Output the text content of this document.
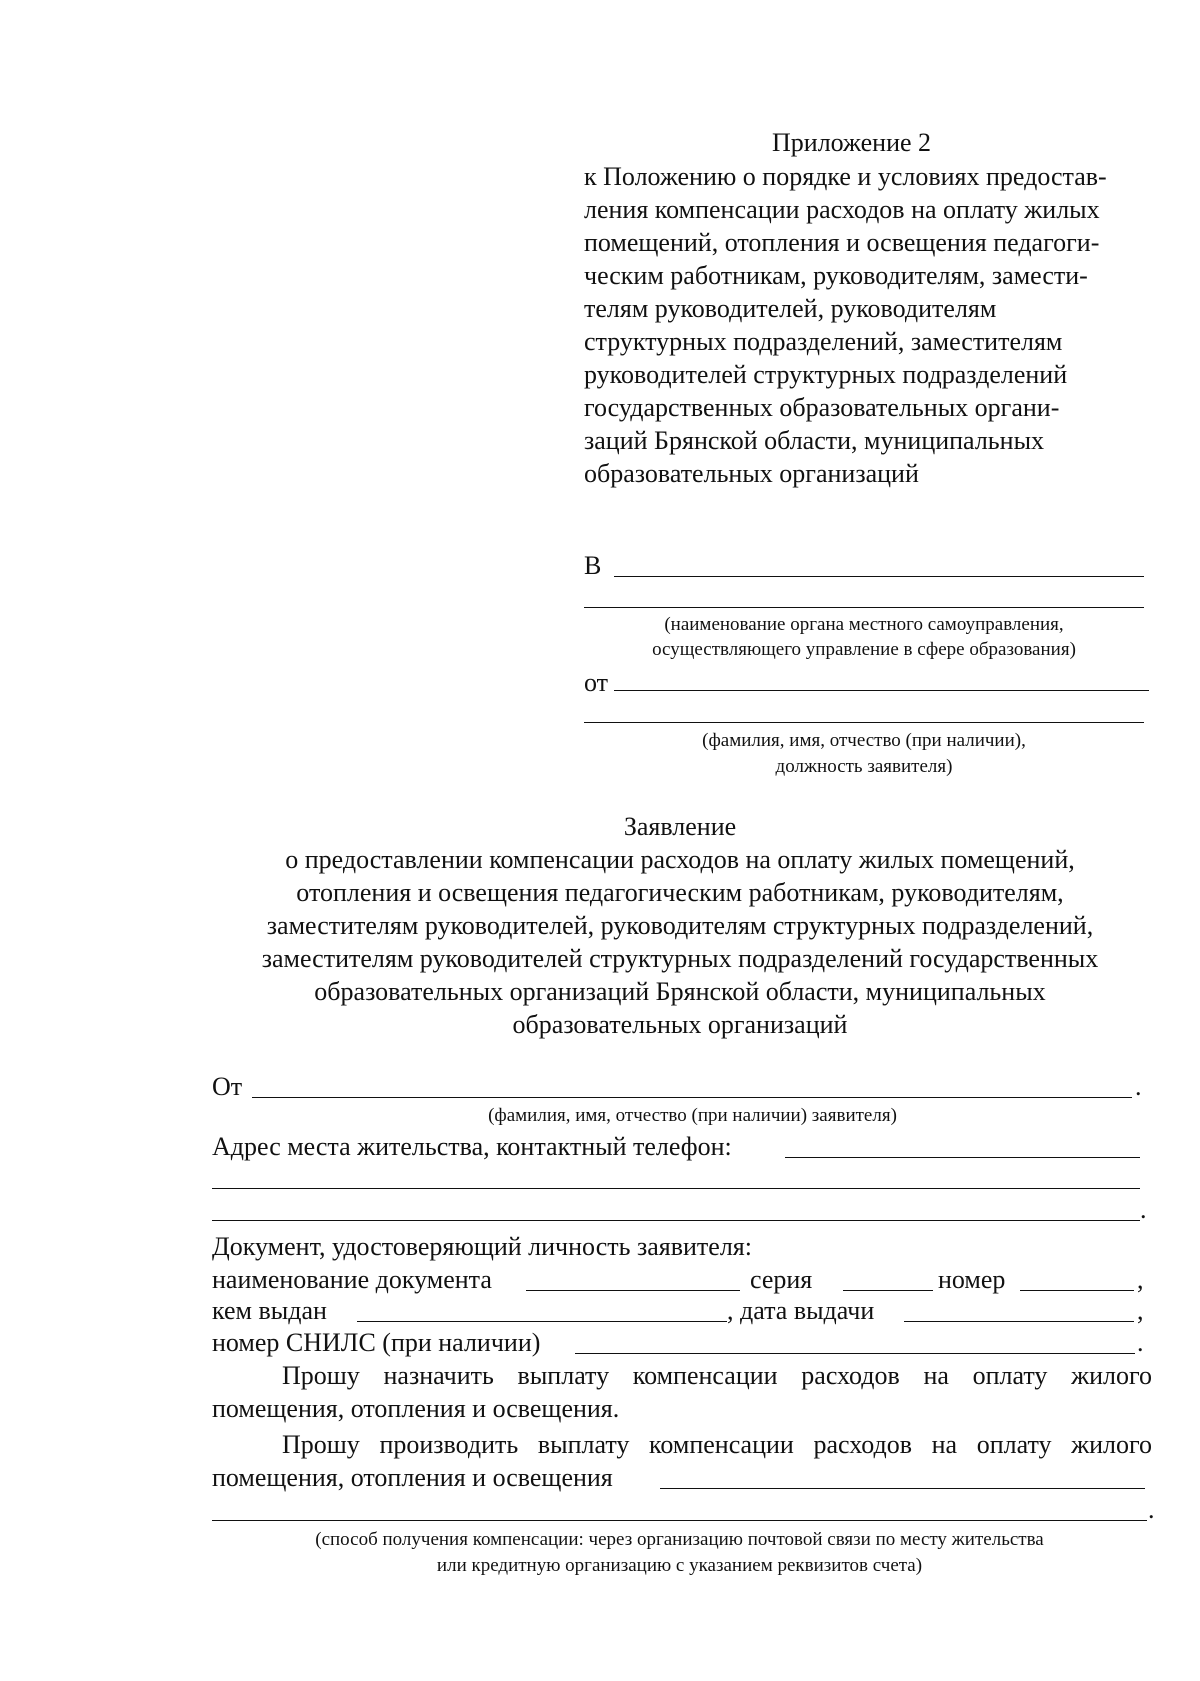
Приложение 2
к Положению о порядке и условиях предостав-
ления компенсации расходов на оплату жилых
помещений, отопления и освещения педагоги-
ческим работникам, руководителям, замести-
телям руководителей, руководителям
структурных подразделений, заместителям
руководителей структурных подразделений
государственных образовательных органи-
заций Брянской области, муниципальных
образовательных организаций
В
(наименование органа местного самоуправления,
осуществляющего управление в сфере образования)
от
(фамилия, имя, отчество (при наличии),
должность заявителя)
Заявление
о предоставлении компенсации расходов на оплату жилых помещений,
отопления и освещения педагогическим работникам, руководителям,
заместителям руководителей, руководителям структурных подразделений,
заместителям руководителей структурных подразделений государственных
образовательных организаций Брянской области, муниципальных
образовательных организаций
От	.
(фамилия, имя, отчество (при наличии) заявителя)
Адрес места жительства, контактный телефон:
.
Документ, удостоверяющий личность заявителя:
наименование документа	серия	номер	,
кем выдан	, дата выдачи	,
номер СНИЛС (при наличии)	.
Прошу назначить выплату компенсации расходов на оплату жилого
помещения, отопления и освещения.
Прошу производить выплату компенсации расходов на оплату жилого
помещения, отопления и освещения
.
(способ получения компенсации: через организацию почтовой связи по месту жительства
или кредитную организацию с указанием реквизитов счета)
